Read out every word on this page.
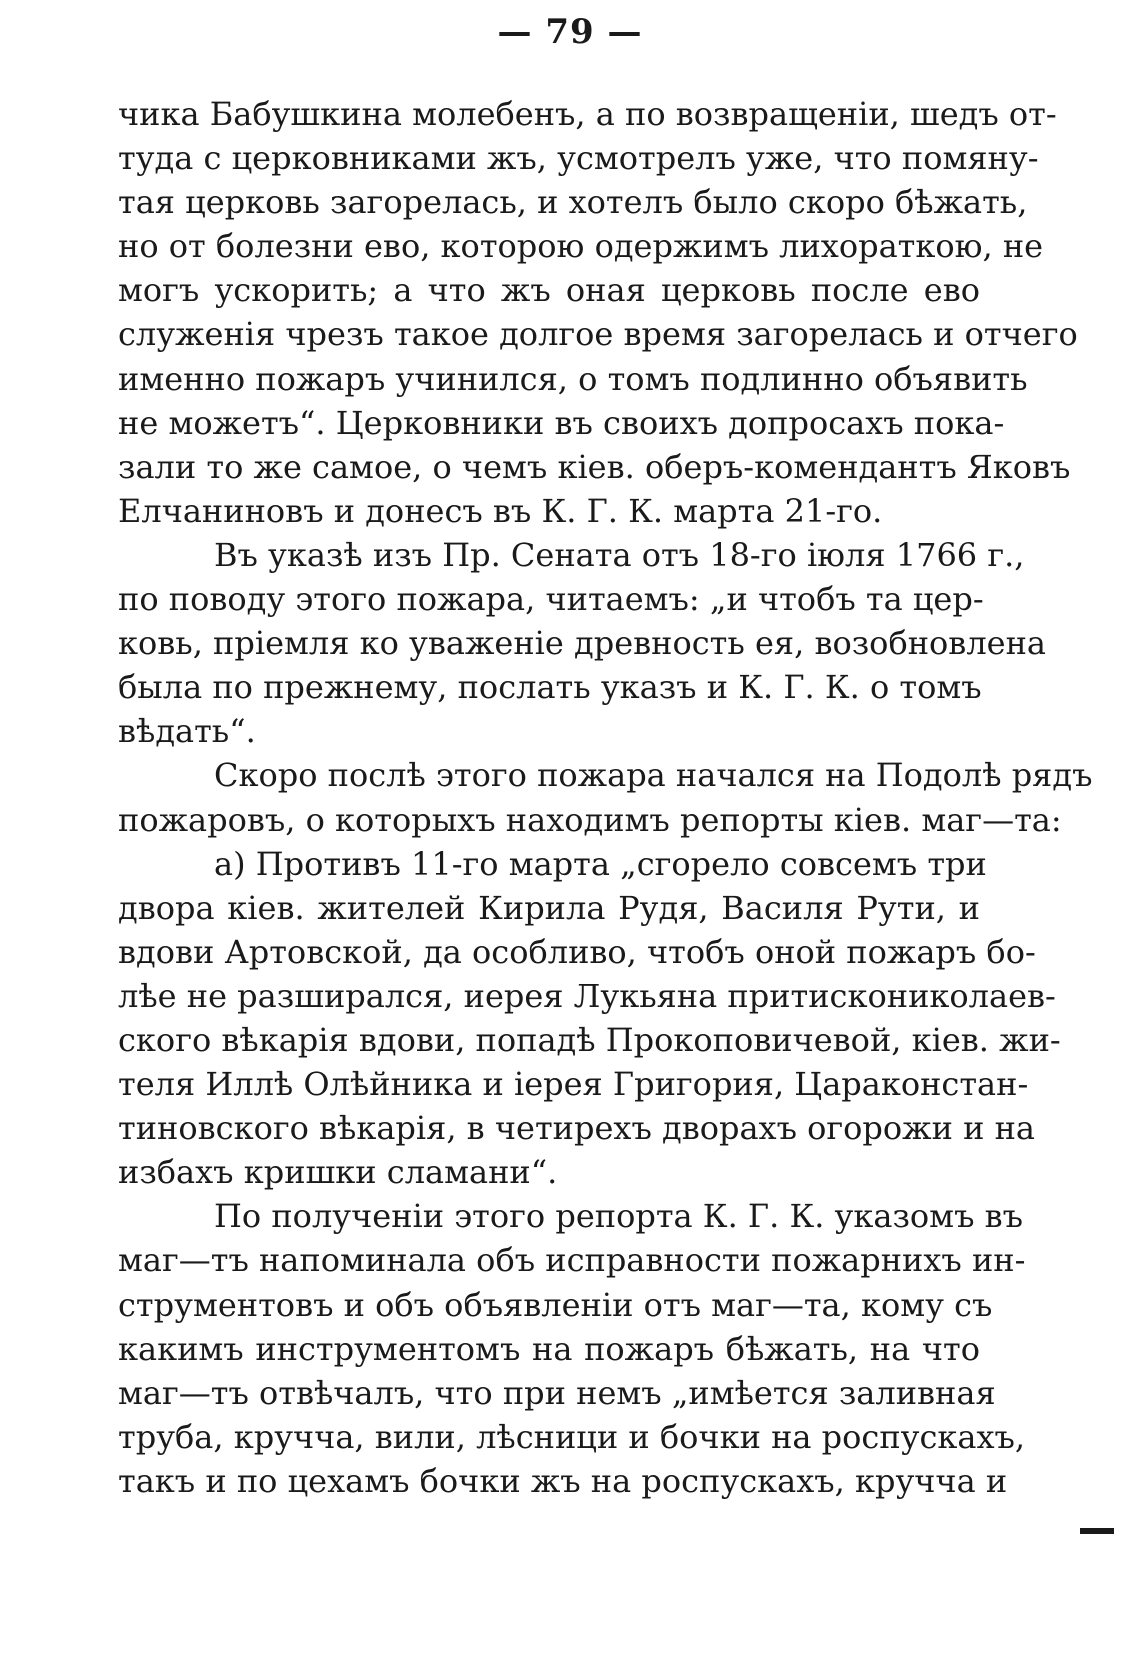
— 79 —
чика Бабушкина молебенъ, а по возвращеніи, шедъ от-
туда с церковниками жъ, усмотрелъ уже, что помяну-
тая церковь загорелась, и хотелъ было скоро бѣжать,
но от болезни ево, которою одержимъ лихораткою, не
могъ ускорить; а что жъ оная церковь после ево
служенія чрезъ такое долгое время загорелась и отчего
именно пожаръ учинился, о томъ подлинно объявить
не можетъ“. Церковники въ своихъ допросахъ пока-
зали то же самое, о чемъ кіев. оберъ-комендантъ Яковъ
Елчаниновъ и донесъ въ К. Г. К. марта 21-го.
Въ указѣ изъ Пр. Сената отъ 18-го іюля 1766 г.,
по поводу этого пожара, читаемъ: „и чтобъ та цер-
ковь, пріемля ко уваженіе древность ея, возобновлена
была по прежнему, послать указъ и К. Г. К. о томъ
вѣдать“.
Скоро послѣ этого пожара начался на Подолѣ рядъ
пожаровъ, о которыхъ находимъ репорты кіев. маг—та:
а) Противъ 11-го марта „сгорело совсемъ три
двора кіев. жителей Кирила Рудя, Василя Рути, и
вдови Артовской, да особливо, чтобъ оной пожаръ бо-
лѣе не разширался, иерея Лукьяна притискониколаев-
ского вѣкарія вдови, попадѣ Прокоповичевой, кіев. жи-
теля Иллѣ Олѣйника и іерея Григория, Царaконстан-
тиновского вѣкарія, в четирехъ дворахъ огорожи и на
избахъ кришки сламани“.
По полученіи этого репорта К. Г. К. указомъ въ
маг—тъ напоминала объ исправности пожарнихъ ин-
струментовъ и объ объявленіи отъ маг—та, кому съ
какимъ инструментомъ на пожаръ бѣжать, на что
маг—тъ отвѣчалъ, что при немъ „имѣется заливная
труба, кручча, вили, лѣсници и бочки на роспускахъ,
такъ и по цехамъ бочки жъ на роспускахъ, кручча и
